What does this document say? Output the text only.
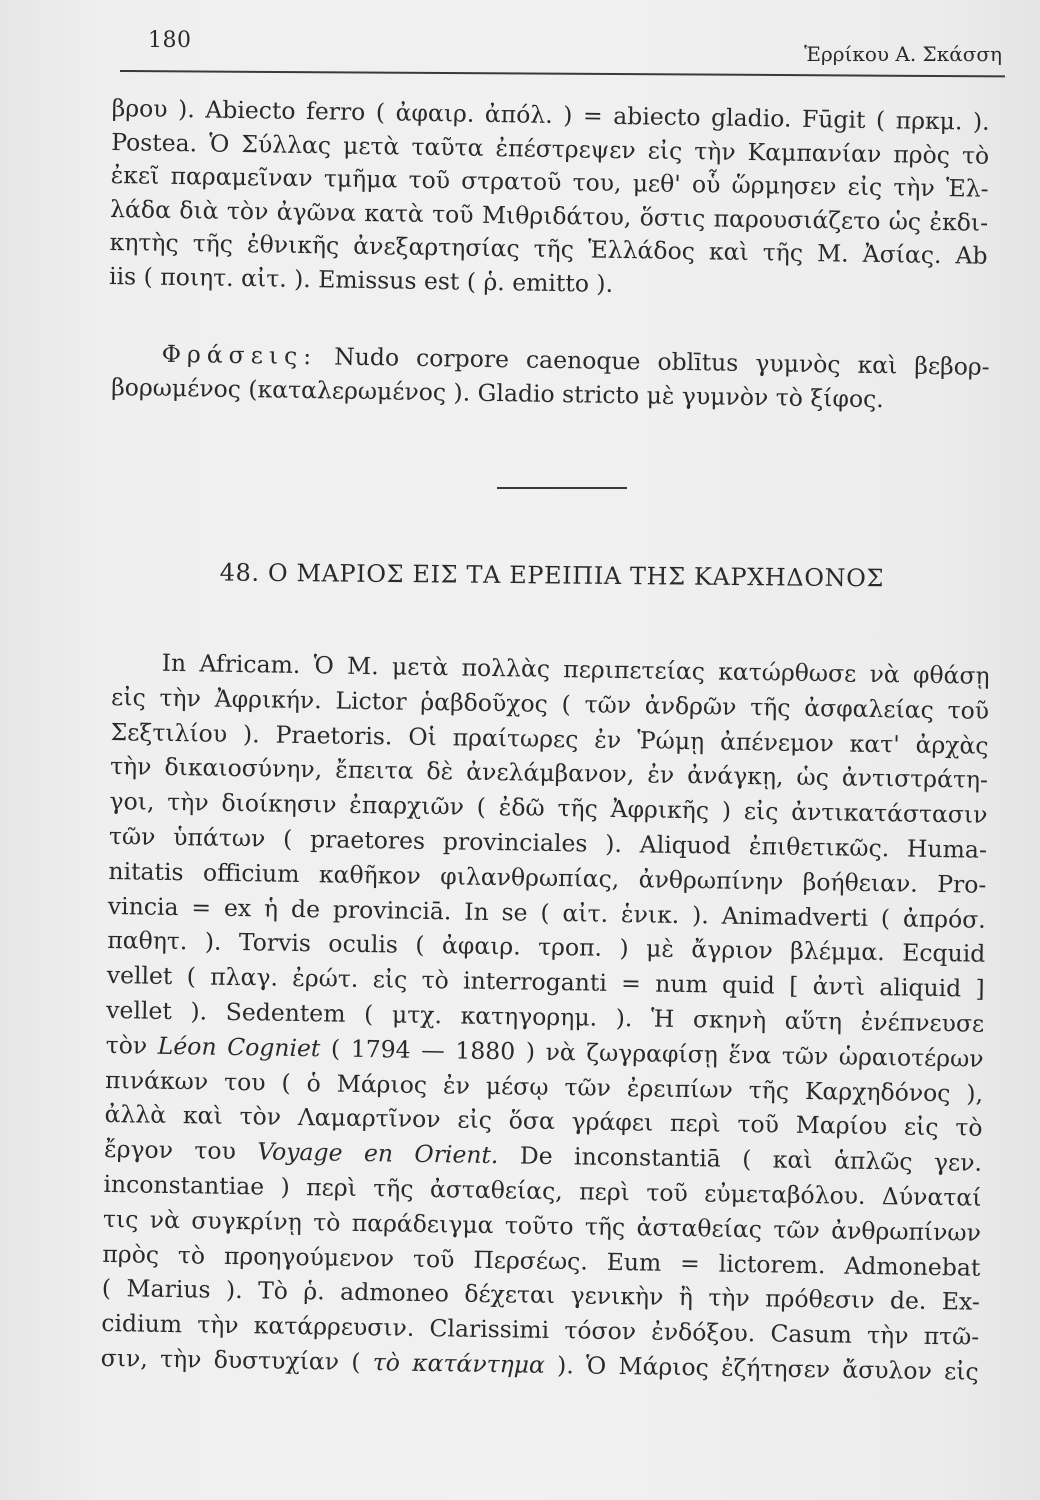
180
Ἑρρίκου Α. Σκάσση
βρου ). Abiecto ferro ( ἀφαιρ. ἀπόλ. ) = abiecto gladio. Fūgit ( πρκμ. ).
Postea. Ὁ Σύλλας μετὰ ταῦτα ἐπέστρεψεν εἰς τὴν Καμπανίαν πρὸς τὸ
ἐκεῖ παραμεῖναν τμῆμα τοῦ στρατοῦ του, μεθ' οὗ ὥρμησεν εἰς τὴν Ἑλ-
λάδα διὰ τὸν ἀγῶνα κατὰ τοῦ Μιθριδάτου, ὅστις παρουσιάζετο ὡς ἐκδι-
κητὴς τῆς ἐθνικῆς ἀνεξαρτησίας τῆς Ἑλλάδος καὶ τῆς Μ. Ἀσίας. Ab
iis ( ποιητ. αἰτ. ). Emissus est ( ῥ. emitto ).
Φράσεις: Nudo corpore caenoque oblītus γυμνὸς καὶ βεβορ-
βορωμένος (καταλερωμένος ). Gladio stricto μὲ γυμνὸν τὸ ξίφος.
48. Ο ΜΑΡΙΟΣ ΕΙΣ ΤΑ ΕΡΕΙΠΙΑ ΤΗΣ ΚΑΡΧΗΔΟΝΟΣ
In Africam. Ὁ Μ. μετὰ πολλὰς περιπετείας κατώρθωσε νὰ φθάσῃ
εἰς τὴν Ἀφρικήν. Lictor ῥαβδοῦχος ( τῶν ἀνδρῶν τῆς ἀσφαλείας τοῦ
Σεξτιλίου ). Praetoris. Οἱ πραίτωρες ἐν Ῥώμῃ ἀπένεμον κατ' ἀρχὰς
τὴν δικαιοσύνην, ἔπειτα δὲ ἀνελάμβανον, ἐν ἀνάγκῃ, ὡς ἀντιστράτη-
γοι, τὴν διοίκησιν ἐπαρχιῶν ( ἐδῶ τῆς Ἀφρικῆς ) εἰς ἀντικατάστασιν
τῶν ὑπάτων ( praetores provinciales ). Aliquod ἐπιθετικῶς. Huma-
nitatis officium καθῆκον φιλανθρωπίας, ἀνθρωπίνην βοήθειαν. Pro-
vincia = ex ἡ de provinciā. In se ( αἰτ. ἑνικ. ). Animadverti ( ἀπρόσ.
παθητ. ). Torvis oculis ( ἀφαιρ. τροπ. ) μὲ ἄγριον βλέμμα. Ecquid
vellet ( πλαγ. ἐρώτ. εἰς τὸ interroganti = num quid [ ἀντὶ aliquid ]
vellet ). Sedentem ( μτχ. κατηγορημ. ). Ἡ σκηνὴ αὕτη ἐνέπνευσε
τὸν Léon Cogniet ( 1794 — 1880 ) νὰ ζωγραφίσῃ ἕνα τῶν ὡραιοτέρων
πινάκων του ( ὁ Μάριος ἐν μέσῳ τῶν ἐρειπίων τῆς Καρχηδόνος ),
ἀλλὰ καὶ τὸν Λαμαρτῖνον εἰς ὅσα γράφει περὶ τοῦ Μαρίου εἰς τὸ
ἔργον του Voyage en Orient. De inconstantiā ( καὶ ἁπλῶς γεν.
inconstantiae ) περὶ τῆς ἀσταθείας, περὶ τοῦ εὐμεταβόλου. Δύναταί
τις νὰ συγκρίνῃ τὸ παράδειγμα τοῦτο τῆς ἀσταθείας τῶν ἀνθρωπίνων
πρὸς τὸ προηγούμενον τοῦ Περσέως. Eum = lictorem. Admonebat
( Marius ). Τὸ ῥ. admoneo δέχεται γενικὴν ἢ τὴν πρόθεσιν de. Ex-
cidium τὴν κατάρρευσιν. Clarissimi τόσον ἐνδόξου. Casum τὴν πτῶ-
σιν, τὴν δυστυχίαν ( τὸ κατάντημα ). Ὁ Μάριος ἐζήτησεν ἄσυλον εἰς
